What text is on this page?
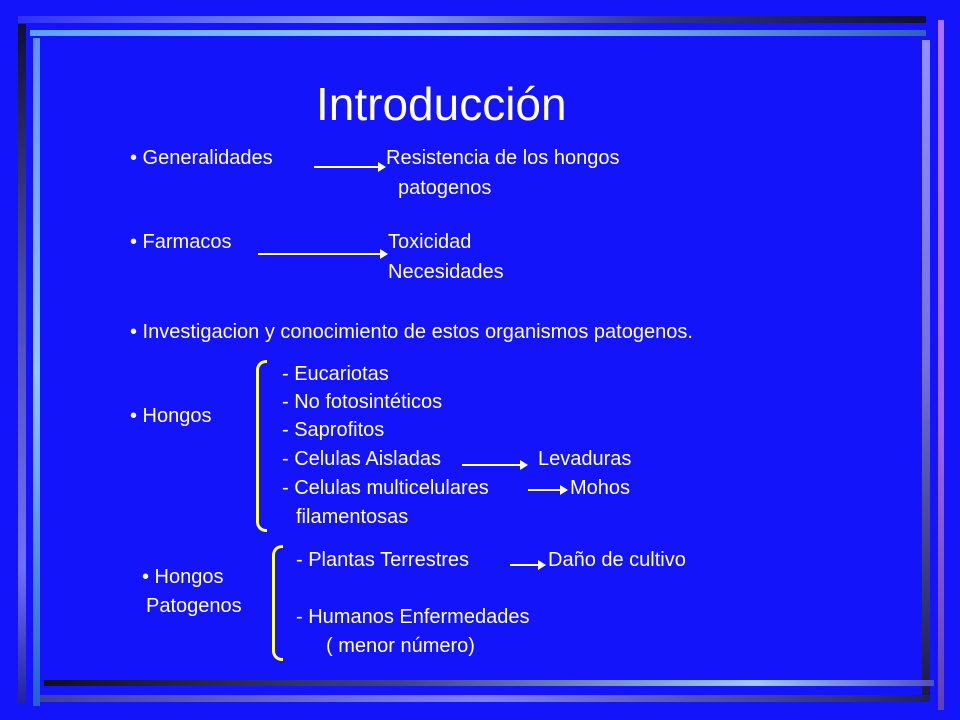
Introducción
• Generalidades	Resistencia de los hongos
patogenos
• Farmacos	Toxicidad
Necesidades
• Investigacion y conocimiento de estos organismos patogenos.
• Hongos
- Eucariotas
- No fotosintéticos
- Saprofitos
- Celulas Aisladas	Levaduras
- Celulas multicelulares	Mohos
filamentosas
• Hongos
Patogenos
- Plantas Terrestres	Daño de cultivo
- Humanos Enfermedades
( menor número)
